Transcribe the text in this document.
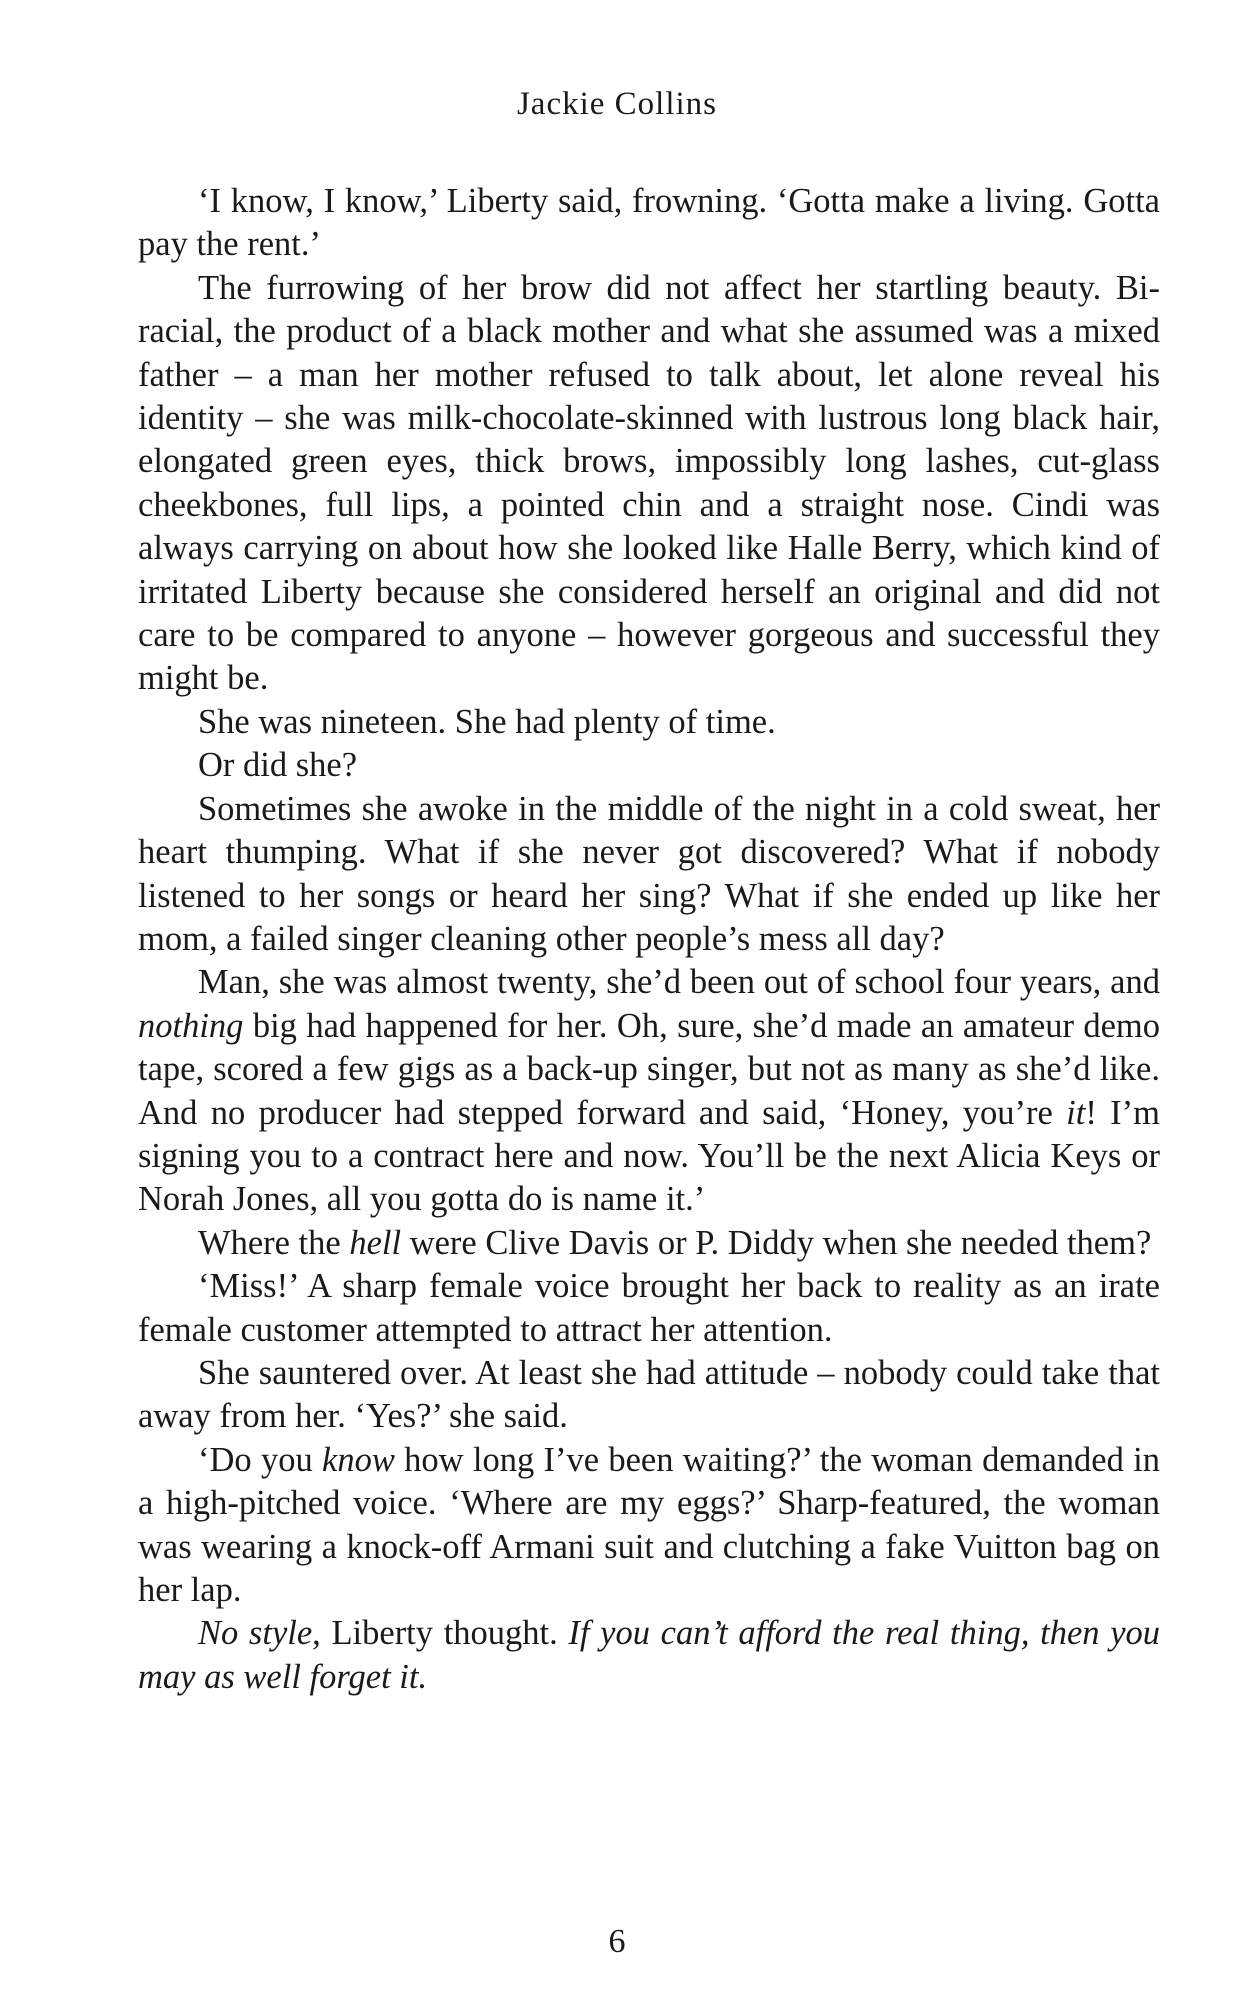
Jackie Collins

‘I know, I know,’ Liberty said, frowning. ‘Gotta make a living. Gotta pay the rent.’

The furrowing of her brow did not affect her startling beauty. Bi-racial, the product of a black mother and what she assumed was a mixed father – a man her mother refused to talk about, let alone reveal his identity – she was milk-chocolate-skinned with lustrous long black hair, elongated green eyes, thick brows, impossibly long lashes, cut-glass cheekbones, full lips, a pointed chin and a straight nose. Cindi was always carrying on about how she looked like Halle Berry, which kind of irritated Liberty because she considered herself an original and did not care to be compared to anyone – however gorgeous and successful they might be.

She was nineteen. She had plenty of time.

Or did she?

Sometimes she awoke in the middle of the night in a cold sweat, her heart thumping. What if she never got discovered? What if nobody listened to her songs or heard her sing? What if she ended up like her mom, a failed singer cleaning other people’s mess all day?

Man, she was almost twenty, she’d been out of school four years, and nothing big had happened for her. Oh, sure, she’d made an amateur demo tape, scored a few gigs as a back-up singer, but not as many as she’d like. And no producer had stepped forward and said, ‘Honey, you’re it! I’m signing you to a contract here and now. You’ll be the next Alicia Keys or Norah Jones, all you gotta do is name it.’

Where the hell were Clive Davis or P. Diddy when she needed them?

‘Miss!’ A sharp female voice brought her back to reality as an irate female customer attempted to attract her attention.

She sauntered over. At least she had attitude – nobody could take that away from her. ‘Yes?’ she said.

‘Do you know how long I’ve been waiting?’ the woman demanded in a high-pitched voice. ‘Where are my eggs?’ Sharp-featured, the woman was wearing a knock-off Armani suit and clutching a fake Vuitton bag on her lap.

No style, Liberty thought. If you can’t afford the real thing, then you may as well forget it.

6
